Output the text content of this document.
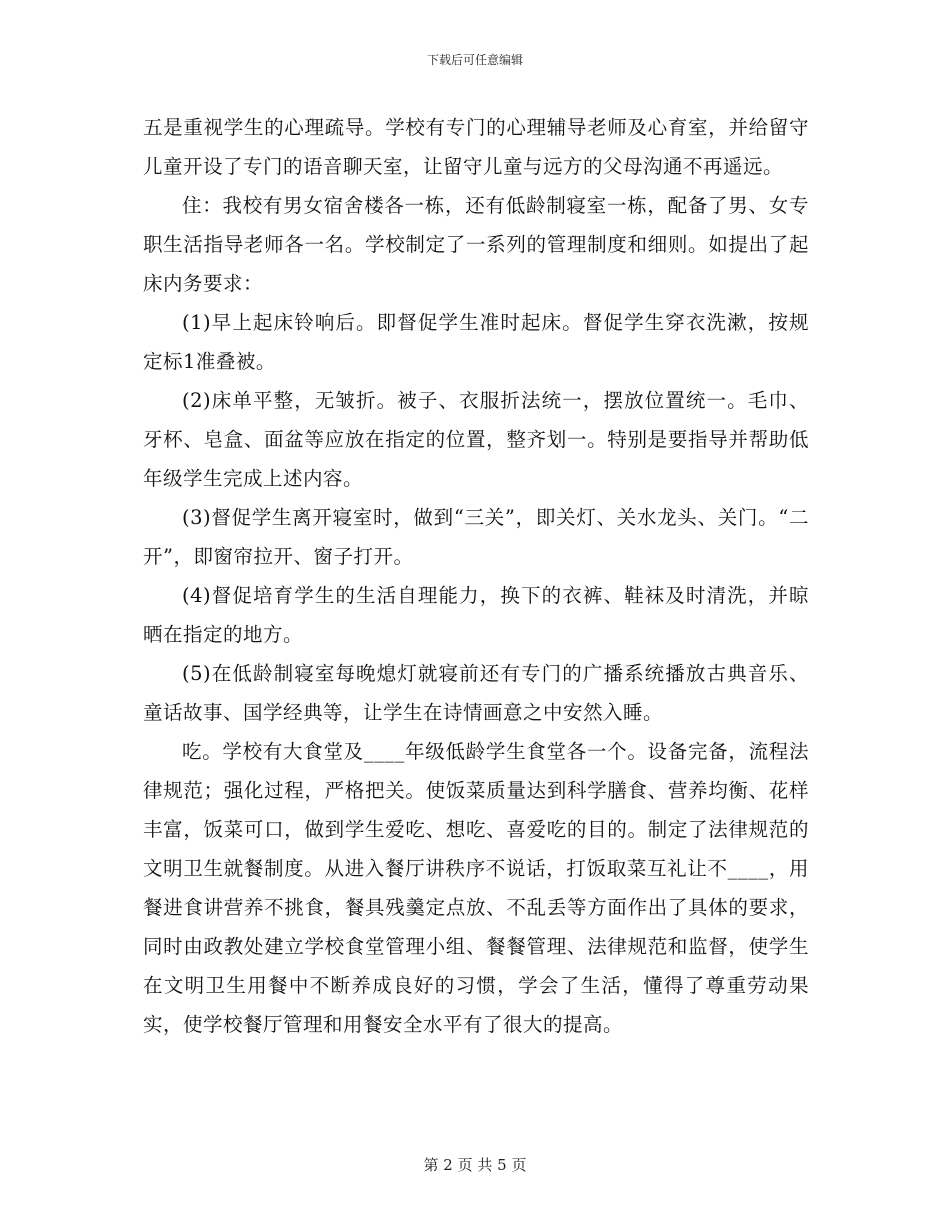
下载后可任意编辑

五是重视学生的心理疏导。学校有专门的心理辅导老师及心育室，并给留守儿童开设了专门的语音聊天室，让留守儿童与远方的父母沟通不再遥远。

住：我校有男女宿舍楼各一栋，还有低龄制寝室一栋，配备了男、女专职生活指导老师各一名。学校制定了一系列的管理制度和细则。如提出了起床内务要求：

(1)早上起床铃响后。即督促学生准时起床。督促学生穿衣洗漱，按规定标1准叠被。

(2)床单平整，无皱折。被子、衣服折法统一，摆放位置统一。毛巾、牙杯、皂盒、面盆等应放在指定的位置，整齐划一。特别是要指导并帮助低年级学生完成上述内容。

(3)督促学生离开寝室时，做到“三关”，即关灯、关水龙头、关门。“二开”，即窗帘拉开、窗子打开。

(4)督促培育学生的生活自理能力，换下的衣裤、鞋袜及时清洗，并晾晒在指定的地方。

(5)在低龄制寝室每晚熄灯就寝前还有专门的广播系统播放古典音乐、童话故事、国学经典等，让学生在诗情画意之中安然入睡。

吃。学校有大食堂及____年级低龄学生食堂各一个。设备完备，流程法律规范；强化过程，严格把关。使饭菜质量达到科学膳食、营养均衡、花样丰富，饭菜可口，做到学生爱吃、想吃、喜爱吃的目的。制定了法律规范的文明卫生就餐制度。从进入餐厅讲秩序不说话，打饭取菜互礼让不____，用餐进食讲营养不挑食，餐具残羹定点放、不乱丢等方面作出了具体的要求，同时由政教处建立学校食堂管理小组、餐餐管理、法律规范和监督，使学生在文明卫生用餐中不断养成良好的习惯，学会了生活，懂得了尊重劳动果实，使学校餐厅管理和用餐安全水平有了很大的提高。

第 2 页 共 5 页
